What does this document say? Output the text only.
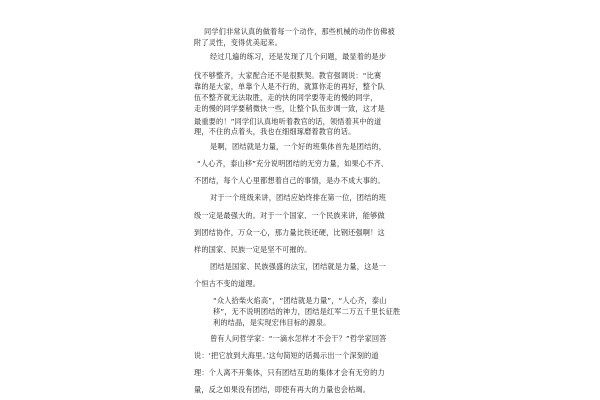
同学们非常认真的做着每一个动作，那些机械的动作仿佛被

附了灵性，变得优美起来。

经过几遍的练习，还是发现了几个问题，最显着的是步

伐不够整齐，大家配合还不是很默契。教官强调说：“比赛

靠的是大家，单靠个人是不行的，就算你走的再好，整个队

伍不整齐就无法取胜，走的快的同学要等走的慢的同学，

走的慢的同学要稍微快一些，让整个队伍步调一致，这才是

最重要的！”同学们认真地听着教官的话，领悟着其中的道

理，不住的点着头，我也在细细琢磨着教官的话。

是啊，团结就是力量，一个好的班集体首先是团结的，

“人心齐，泰山移”充分说明团结的无穷力量，如果心不齐、

不团结，每个人心里都想着自己的事情，是办不成大事的。

对于一个班级来讲，团结应始终排在第一位，团结的班

级一定是最强大的。对于一个国家、一个民族来讲，能够做

到团结协作，万众一心，那力量比铁还硬，比钢还强啊！这

样的国家、民族一定是坚不可摧的。

团结是国家、民族强盛的法宝，团结就是力量，这是一

个恒古不变的道理。

“众人拾柴火焰高”，“团结就是力量”，“人心齐，泰山

移”，无不说明团结的神力，团结是红军二万五千里长征胜

利的结晶，是实现宏伟目标的源泉。

曾有人问哲学家：“一滴水怎样才不会干？”哲学家回答

说：‘把它放到大海里。’这句简短的话揭示出一个深刻的道

理：个人离不开集体，只有团结互助的集体才会有无穷的力

量，反之如果没有团结，即使有再大的力量也会枯竭。
